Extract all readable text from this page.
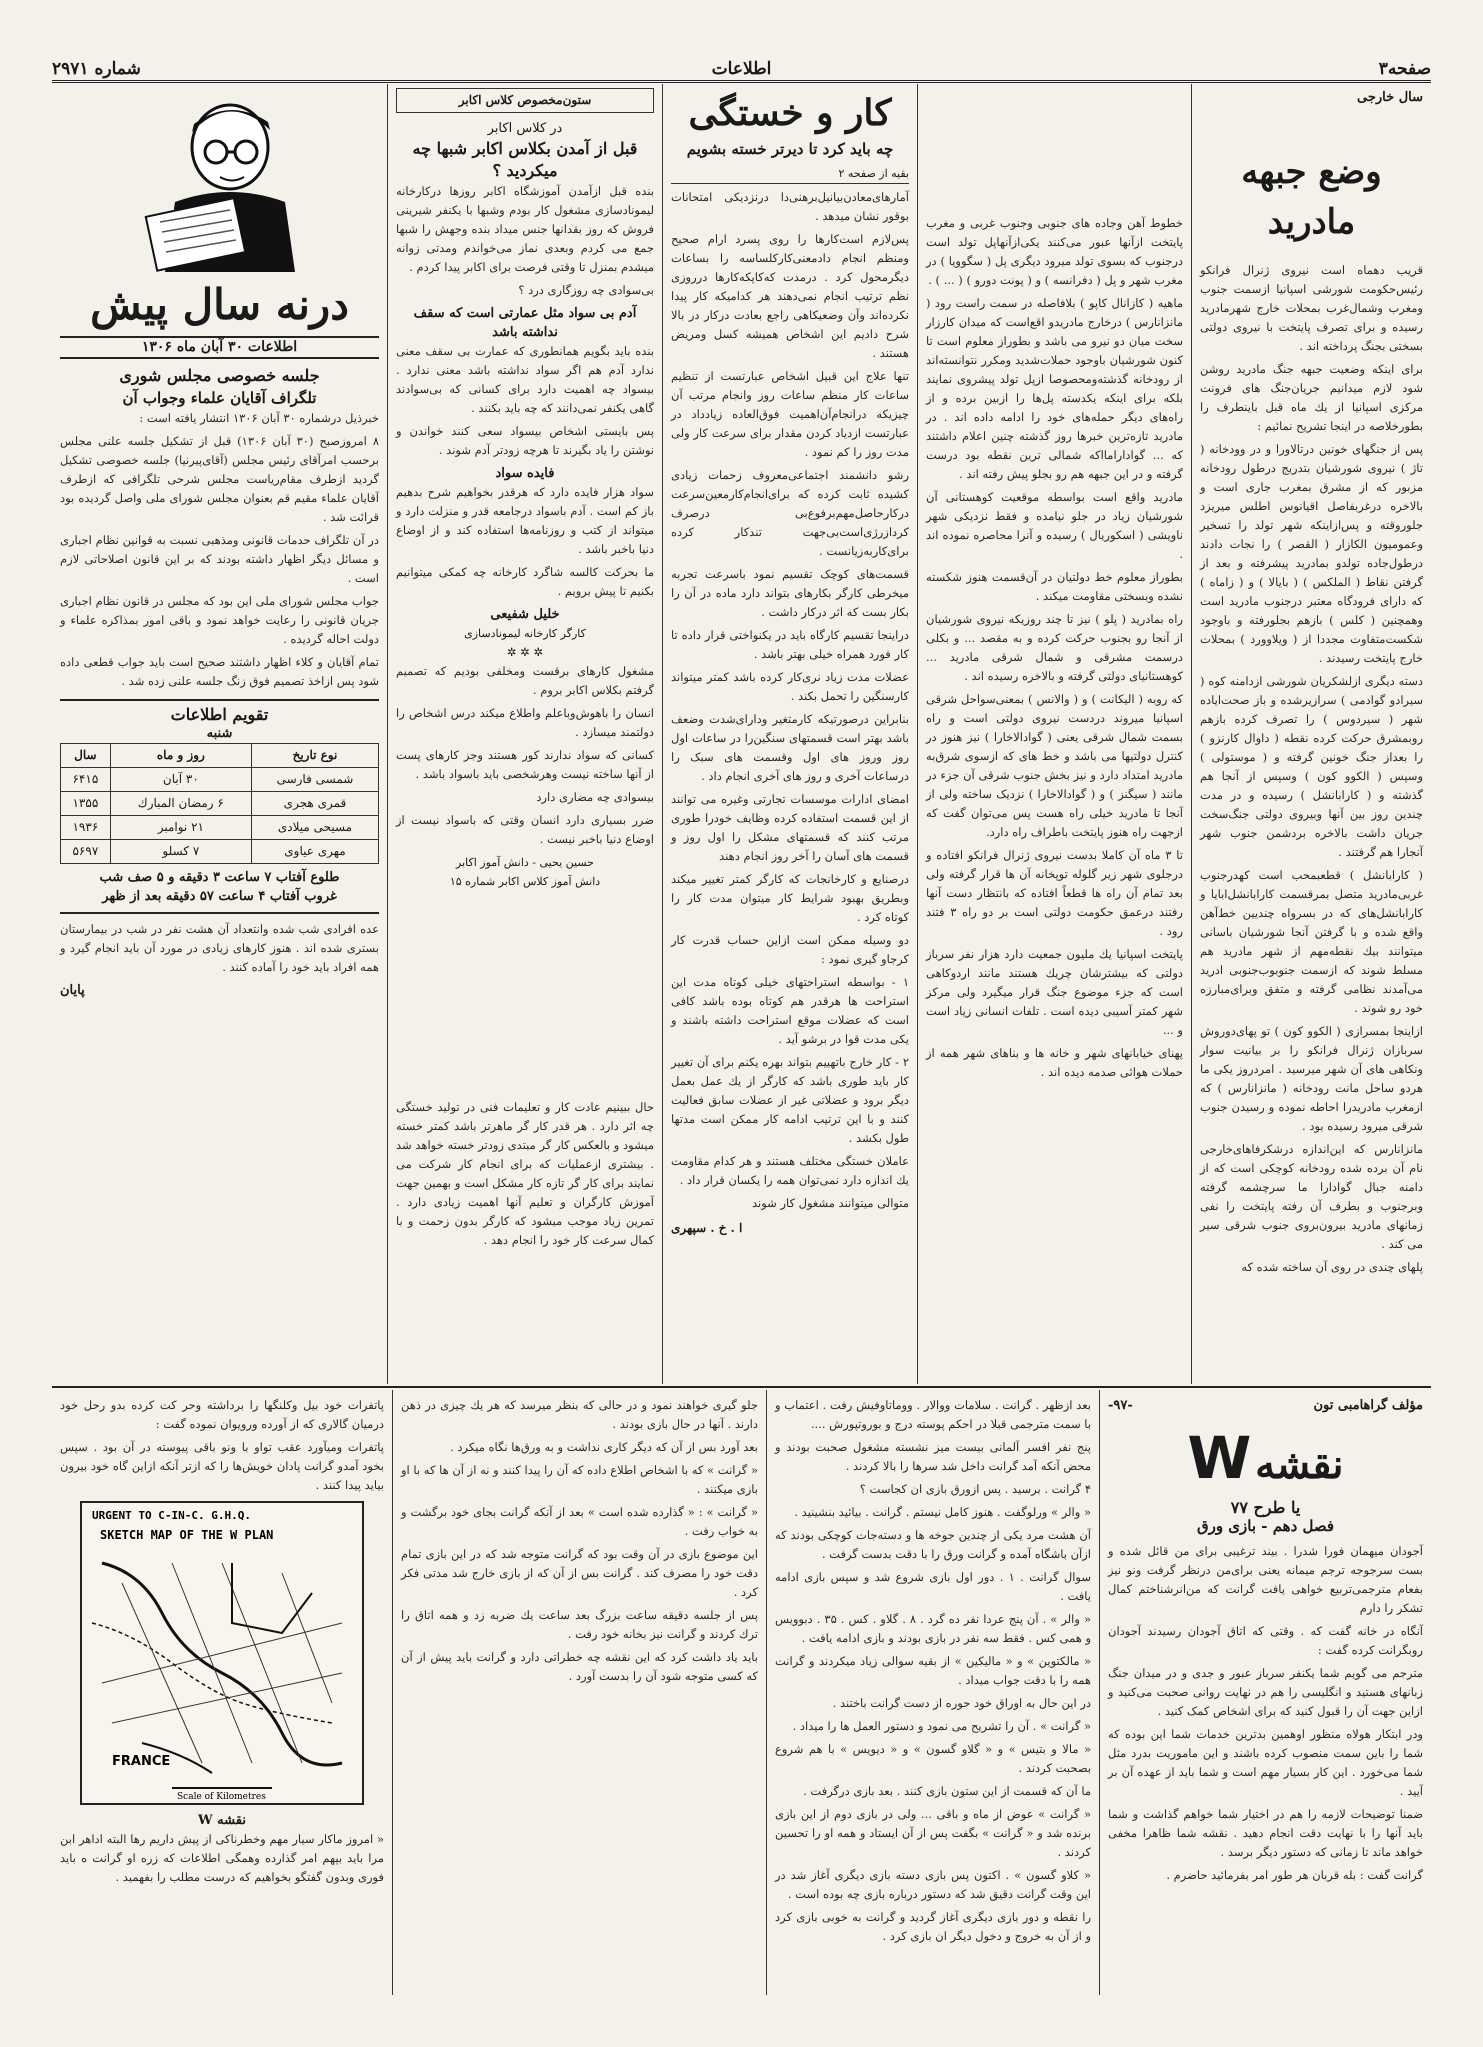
صفحه۳
اطلاعات
شماره ۲۹۷۱
سال خارجی
وضع جبهه مادرید

قریب دهماه است نیروی ژنرال فرانکو رئیس‌حکومت شورشی اسپانیا ازسمت جنوب ومغرب وشمال‌غرب بمحلات خارج شهرمادرید رسیده و برای تصرف پایتخت با نیروی دولتی بسختی بجنگ پرداخته اند .

برای اینکه وضعیت جبهه جنگ مادرید روشن شود لازم میدانیم جریان‌جنگ های فرونت مرکزی اسپانیا از یك ماه قبل باینطرف را بطورخلاصه در اینجا تشریح نمائیم :

پس از جنگهای خونین درتالاورا و در وودخانه ( تاژ ) نیروی شورشیان بتدریج درطول رودخانه مزبور که از مشرق بمغرب جاری است و بالاخره درغربفاصل اقیانوس اطلس میریزد جلوروقته و پس‌ازاینکه شهر تولد را تسخیر وعمومیون الکازار ( القصر ) را نجات دادند درطول‌جاده تولدو بمادرید پیشرفته و بعد از گرفتن نقاط ( الملکس ) ( بایالا ) و ( زاماه ) که دارای فرودگاه معتبر درجنوب مادرید است وهمچنین ( کلس ) بازهم بجلورفته و باوجود شکست‌متفاوت مجددا از ( ویلاوورد ) بمحلات خارج پایتخت رسیدند .

دسته دیگری ازلشکریان شورشی ازدامنه کوه ( سیرادو گوادمی ) سرازیرشده و باز صحت‌ایاده شهر ( سیردوس ) را تصرف کرده بازهم روبمشرق حرکت کرده نقطه ( داوال کارنزو ) را بعداز جنگ خونین گرفته و ( موستولی ) وسپس ( الکوو کون ) وسپس از آنجا هم گذشته و ( کارابانشل ) رسیده و در مدت چندین روز بین آنها وبیروی دولتی جنگ‌سخت جریان داشت بالاخره بردشمن جنوب شهر آنجارا هم گرفتند .

( کارابانشل ) قطعبمحب است کهدرجنوب غربی‌مادرید متصل بمرقسمت کارابانشل‌ابایا و کارابانشل‌های که در بسرواه چندیین خط‌آهن واقع شده و با گرفتن آنجا شورشیان باسانی میتوانند بیك نقطه‌مهم از شهر مادرید هم مسلط شوند که ازسمت جنوبوب‌جنوبی ادرید می‌آمدند نظامی گرفته و متفق وبرای‌مبارزه خود رو شوند .

ازاینجا بمسرازی ( الکوو کون ) تو پهای‌دوروش سربازان ژنرال فرانکو را بر بیانیت سوار ونکاهی های آن شهر میرسید . امردروز یکی ما هردو ساحل مانت رودخانه ( مانزانارس ) که ازمغرب مادریدرا احاطه نموده و رسیدن جنوب شرقی میرود رسیده بود .

مانزانارس که این‌اندازه درشکرفاهای‌خارجی نام آن برده شده رودخانه کوچکی است که از دامنه جبال گوادارا ما سرچشمه گرفته وبرجنوب و بطرف آن رفته پایتخت را نفی زمانهای مادرید بیرون‌بروی جنوب شرقی سیر می کند .

پلهای چندی در روی آن ساخته شده که

خطوط آهن وجاده های جنوبی وجنوب غربی و مغرب پایتخت ازآنها عبور می‌کنند یکی‌از‌آنهاپل تولد است درجنوب که بسوی تولد میرود دیگری پل ( سگوویا ) در مغرب شهر و پل ( دفرانسه ) و ( پونت دورو ) ( ... ) .

ماهیه ( کازانال کاپو ) بلافاصله در سمت راست رود ( مانزانارس ) درخارج مادریدو اقع‌است که میدان کارزار سخت میان دو نیرو می باشد و بطوراز معلوم است تا کنون شورشیان باوجود حملات‌شدید ومکرر نتوانسته‌اند از رودخانه گذشته‌ومحصوصا ازپل تولد پیشروی نمایند بلکه برای اینکه یکدسته پل‌ها را ازبین برده و از راه‌های دیگر حمله‌های خود را ادامه داده اند . در مادرید تازه‌ترین خبرها روز گذشته چنین اعلام داشتند که ... گوادارامااکه شمالی ترین نقطه بود درست گرفته و در این جبهه هم رو بجلو پیش رفته اند .

مادرید واقع است بواسطه موقعیت کوهستانی آن شورشیان زیاد در جلو نیامده و فقط نزدیکی شهر ناویشی ( اسکوریال ) رسیده و آنرا محاصره نموده اند .

بطوراز معلوم خط دولتیان در آن‌قسمت هنوز شکسته نشده وبسختی مقاومت میکند .

راه بمادرید ( پلو ) نیز تا چند روزیکه نیروی شورشیان از آنجا رو بجنوب حرکت کرده و به مقصد ... و بکلی درسمت مشرقی و شمال شرقی مادرید ... کوهستانیای دولتی گرفته و بالاخره رسیده اند .

که روبه ( الیکانت ) و ( والانس ) بمعنی‌سواحل شرقی اسپانیا میروند دردست نیروی دولتی است و راه بسمت شمال شرقی یعنی ( گوادالاخارا ) نیز هنوز در کنترل دولتیها می باشد و خط های که ازسوی شرق‌به مادرید امتداد دارد و نیز بخش جنوب شرقی آن جزء در مانند ( سیگنز ) و ( گوادالاخارا ) نزدیک ساخته ولی از آنجا تا مادرید خیلی راه هست پس می‌توان گفت که ازجهت راه هنوز پایتخت باطراف راه دارد.

تا ۳ ماه آن کاملا بدست نیروی ژنرال فرانکو افتاده و درجلوی شهر زیر گلوله توپخانه آن ها قرار گرفته ولی بعد تمام آن راه ها قطعاً افتاده که بانتظار دست آنها رفتند درعمق حکومت دولتی است بر دو راه ۳ فتند رود .

پایتخت اسپانیا یك ملیون جمعیت دارد هزار نفر سرباز دولتی که بیشترشان چریك هستند مانند اردوکاهی است که جزء موضوع جنگ قرار میگیرد ولی مرکز شهر کمتر آسیبی دیده است . تلفات انسانی زیاد است و ...

پهنای خیابانهای شهر و خانه ها و بناهای شهر همه از حملات هوائی صدمه دیده اند .

کار و خستگی
چه باید کرد تا دیرتر خسته بشویم
بقیه از صفحه ۲

آمارهای‌معادن‌بیانیل‌برهنی‌دا درنزدیکی امتحانات بوقور نشان میدهد .

پس‌لازم است‌کارها را روی پسرد ارام صحیح ومنظم انجام دادمعنی‌کارکلساسه را بساعات دیگرمحول کرد . درمدت که‌کاپکه‌کارها درروزی نظم ترتیب انجام نمی‌دهند هر کدامیکه کار پیدا نکرده‌اند وآن وضعیکاهی راجع بعادت درکار در بالا شرح دادیم این اشخاص همیشه کسل ومریض هستند .

تنها علاج این قبیل اشخاص عبارتست از تنظیم ساعات کار منظم ساعات روز وانجام مرتب آن چیزیکه درانجام‌آن‌اهمیت فوق‌العاده زیادداد در عبارتست ازدیاد کردن مقدار برای سرعت کار ولی مدت روز را کم نمود .

رشو دانشمند اجتماعی‌معروف زحمات زیادی کشیده ثابت کرده که برای‌انجام‌کارمعین‌سرعت درکار‌حاصل‌مهم‌برفوع‌بی درصرف کرد‌ازرژی‌است‌بی‌جهت تندکار کرده برای‌کاربه‌زیانست .

قسمت‌های کوچک تقسیم نمود باسرعت تجربه میخرطی کارگر بکارهای بتواند دارد ماده در آن را بکار بست که اثر درکار داشت .

دراینجا تقسیم کارگاه باید در یکنواختی قرار داده تا کار فورد همراه خیلی بهتر باشد .

عضلات مدت زیاد نری‌کار کرده باشد کمتر میتواند کارسنگین را تحمل بکند .

بنابراین درصورتیکه کار‌متغیر ودارای‌شدت وضعف باشد بهتر است قسمتهای سنگین‌را در ساعات اول روز وروز های اول وقسمت های سبک را درساعات آخری و روز های آخری انجام داد .

امضای ادارات موسسات تجارتی وغیره می توانند از این قسمت استفاده کرده وظایف خودرا طوری مرتب کنند که قسمتهای مشکل را اول روز و قسمت های آسان را آخر روز انجام دهند

درصنایع و کارخانجات که کارگر کمتر تغییر میکند وبطریق بهبود شرایط کار میتوان مدت کار را کوتاه کرد .

دو وسیله ممکن است ازاین حساب قدرت کار کرجاو گیری نمود :

۱ - بواسطه استراحتهای خیلی کوتاه مدت این استراحت ها هرقدر هم کوتاه بوده باشد کافی است که عضلات موقع استراحت داشته باشند و یکی مدت قوا در برشو آید .

۲ - کار خارج باتهییم بتواند بهره یکنم برای آن تغییر کار باید طوری باشد که کارگر از یك عمل بعمل دیگر برود و عضلاتی غیر از عضلات سابق فعالیت کنند و با این ترتیب ادامه کار ممکن است مدتها طول بکشد .

عاملان خستگی مختلف هستند و هر کدام مقاومت یك اندازه دارد نمی‌توان همه را یکسان قرار داد .

متوالی میتوانند مشغول کار شوند

ا . خ . سپهری
ستون‌مخصوص کلاس اکابر
در کلاس اکابر
قبل از آمدن بکلاس اکابر شبها چه میکردید ؟

بنده قبل ازآمدن آموزشگاه اکابر روزها درکارخانه لیمونادسازی مشغول کار بودم وشبها با یکنفر شیرینی فروش که روز بقدانها جنس میداد بنده وجهش را شبها جمع می کردم وبعدی نماز می‌خواندم ومدتی زوانه میشدم بمنزل تا وقتی فرصت برای اکابر پیدا کردم .

بی‌سوادی چه روزگاری درد ؟

آدم بی سواد مثل عمارتی است که سقف نداشته باشد

بنده باید بگویم همانطوری که عمارت بی سقف معنی ندارد آدم هم اگر سواد نداشته باشد معنی ندارد . بیسواد چه اهمیت دارد برای کسانی که بی‌سوادند گاهی یکنفر نمی‌دانند که چه باید بکنند .

پس بایستی اشخاص بیسواد سعی کنند خواندن و نوشتن را یاد بگیرند تا هرچه زودتر آدم شوند .

فایده سواد

سواد‌ هزار فایده دارد که هرقدر بخواهیم شرح بدهیم باز کم است . آدم باسواد درجامعه قدر و منزلت دارد و میتواند از کتب و روزنامه‌ها استفاده کند و از اوضاع دنیا باخبر باشد .

ما بحرکت کالسه شاگرد کارخانه چه کمکی میتوانیم بکنیم تا پیش برویم .

خلیل شفیعی
کارگر کارخانه لیمونادسازی
✲ ✲ ✲

مشغول کارهای برقست ومخلفی بودیم که تصمیم گرفتم بکلاس اکابر بروم .

انسان را باهوش‌وباعلم واطلاع میکند درس اشخاص را دولتمند میسازد .

کسانی که سواد ندارند کور هستند وجز کارهای پست از آنها ساخته نیست وهرشخصی باید باسواد باشد .

بیسوادی چه مضاری دارد

ضرر بسیاری دارد انسان وقتی که باسواد نیست از اوضاع دنیا باخبر نیست .

حسین یحیی - دانش آموز اکابر
دانش آموز کلاس اکابر شماره ۱۵

حال ببینیم عادت کار و تعلیمات فنی در تولید خستگی چه اثر دارد . هر قدر کار گر ماهرتر باشد کمتر خسته میشود و بالعکس کار گر مبتدی زودتر خسته خواهد شد . بیشتری ازعملیات که برای انجام کار شرکت می نمایند برای کار گر تازه کار مشکل است و بهمین جهت آموزش کارگران و تعلیم آنها اهمیت زیادی دارد . تمرین زیاد موجب میشود که کارگر بدون زحمت و با کمال سرعت کار خود را انجام دهد .

درنه سال پیش
اطلاعات ۳۰ آبان ماه ۱۳۰۶
جلسه خصوصی مجلس شوری
تلگراف آقایان علماء وجواب آن

خبرذیل درشماره ۳۰ آبان ۱۳۰۶ انتشار یافته است :

۸ امروزصبح (۳۰ آبان ۱۳۰۶) قبل از تشکیل جلسه علنی مجلس برحسب امرآقای رئیس مجلس (آقای‌پیرنیا) جلسه خصوصی تشکیل گردید ازطرف مقام‌ریاست مجلس شرحی تلگرافی که ازطرف آقایان علماء مقیم قم بعنوان مجلس شورای ملی واصل گردیده بود قرائت شد .

در آن تلگراف حدمات قانونی ومذهبی نسبت به قوانین نظام اجباری و مسائل دیگر اظهار داشته بودند که بر این قانون اصلاحاتی لازم است .

جواب مجلس شورای ملی این بود که مجلس در قانون نظام اجباری جریان قانونی را رعایت خواهد نمود و باقی امور بمذاکره علماء و دولت احاله گردیده .

تمام آقایان و کلاء اظهار داشتند صحیح است باید جواب قطعی داده شود پس ازاخذ تصمیم فوق زنگ جلسه علنی زده شد .

تقویم اطلاعات
شنبه
نوع تاریخ	روز و ماه	سال
شمسی فارسی	۳۰ آبان	۶۴۱۵
قمری هجری	۶ رمضان المبارك	۱۳۵۵
مسیحی میلادی	۲۱ نوامبر	۱۹۳۶
مهری عیاوی	۷ کسلو	۵۶۹۷
طلوع آفتاب ۷ ساعت ۳ دقیقه و ۵ صف شب
غروب آفتاب ۴ ساعت ۵۷ دقیقه بعد از ظهر

عده افرادی شب شده وانتعداد آن هشت نفر در شب در بیمارستان بستری شده اند . هنوز کارهای زیادی در مورد آن باید انجام گیرد و همه افراد باید خود را آماده کنند .

پایان
مؤلف گراهامبی تون
-۹۷-
نقشه W
یا طرح ۷۷
فصل دهم - بازی ورق

آجودان میهمان فورا شدرا . بیند ترغیبی برای من قائل شده و بست سرجوجه ترجم میمانه یعنی برای‌من درنظر گرفت ونو نیز بفعام مترجمی‌تربیع خواهی یافت گرانت که من‌انرشناختم کمال تشکر را دارم

آنگاه در خانه گفت که . وقتی که اتاق آجودان رسیدند آجودان روبگرانت کرده گفت :

مترجم می گویم شما یکنفر سرباز عبور و جدی و در میدان جنگ زبانهای هستید و انگلیسی را هم در نهایت روانی صحبت می‌کنید و ازاین جهت آن را قبول کنید که برای اشخاص کمک کنید .

ودر ابتکار هولاه منظور اوهمین بدترین خدمات شما این بوده که شما را باین سمت منصوب کرده باشند و این ماموریت بدرد مثل شما می‌خورد . این کار بسیار مهم است و شما باید از عهده آن بر آیید .

ضمنا توضیحات لازمه را هم در اختیار شما خواهم گذاشت و شما باید آنها را با نهایت دقت انجام دهید . نقشه شما ظاهرا مخفی خواهد ماند تا زمانی که دستور دیگر برسد .

گرانت گفت : بله قربان هر طور امر بفرمائید حاضرم .

بعد ازظهر . گرانت . سلامات ووالار . ووماتاوفیش رفت . اعتماب و با سمت مترجمی قبلا در احکم پوسته درج و بوروتپورش ....

پنج نفر افسر آلمانی بیست میز نشسته مشغول صحبت بودند و محض آنکه آمد گرانت داخل شد سرها را بالا کردند .

۴ گرانت . برسید . پس ازورق بازی ان کجاست ؟

« والر » ورلوگفت . هنوز کامل نیستم . گرانت . بیائید بنشینید .

آن هشت مرد یکی از چندین جوخه ها و دسته‌جات کوچکی بودند که ازآن باشگاه آمده و گرانت ورق را با دقت بدست گرفت .

سوال گرانت . ۱ . دور اول بازی شروع شد و سپس بازی ادامه یافت .

« والر » . آن پنج عردا نفر ده گرد . ۸ . گلاو . کس . ۳۵ . دبوویس و همی کس . فقط سه نفر در بازی بودند و بازی ادامه یافت .

« مالکتوین » و « مالیکین » از بقیه سوالی زیاد میکردند و گرانت همه را با دقت جواب میداد .

در این حال به اوراق خود حوره از دست گرانت باختند .

« گرانت » . آن را تشریح می نمود و دستور العمل ها را میداد .

« مالا و بتیس » و « گلاو گسون » و « دیویس » با هم شروع بصحبت کردند .

ما آن که قسمت از این ستون بازی کنند . بعد بازی درگرفت .

« گرانت » عوض از ماه و باقی ... ولی در بازی دوم از این بازی برنده شد و « گرانت » بگفت پس از آن ایستاد و همه او را تحسین کردند .

« کلاو گسون » . اکتون پس بازی دسته بازی دیگری آغاز شد در این وقت گرانت دقیق شد که دستور درباره بازی چه بوده است .

را نقطه و دور بازی دیگری آغاز گردید و گرانت به خوبی بازی کرد و از آن به خروج و دخول دیگر ان بازی کرد .

جلو گیری خواهند نمود و در حالی که بنظر میرسد که هر یك چیزی در ذهن دارند . آنها در حال بازی بودند .

بعد آورد بس از آن که دیگر کاری نداشت و به ورق‌ها نگاه میکرد .

« گرانت » که با اشخاص اطلاع داده که آن را پیدا کنند و نه از آن ها که با او بازی میکنند .

« گرانت » : « گذارده شده است » بعد از آنکه گرانت بجای خود برگشت و به خواب رفت .

این موضوع بازی در آن وقت بود که گرانت متوجه شد که در این بازی تمام دقت خود را مصرف کند . گرانت بس از آن که از بازی خارج شد مدتی فکر کرد .

پس از جلسه دقیقه ساعت بزرگ بعد ساعت یك ضربه زد و همه اتاق را ترك کردند و گرانت نیز بخانه خود رفت .

باید یاد داشت کرد که این نقشه چه خطراتی دارد و گرانت باید پیش از آن که کسی متوجه شود آن را بدست آورد .

پاتفرات خود بیل وکلنگها را برداشته وحر کت کرده بدو رحل خود درمیان گالاری که از آورده ورویوان نموده گفت :

پاتفرات ومیآورد عقب تواو با ونو باقی پیوسته در آن بود . سپس بخود آمدو گرانت پادان خویش‌ها را که ازتر آنکه ازاین گاه خود بیرون بیاید پیدا کنند .

URGENT TO C-IN-C. G.H.Q.
SKETCH MAP OF THE W PLAN
FRANCE
Scale of Kilometres
نقشه W

« امروز ماکار سیار مهم وخطرناکی از پیش داریم رها البته اداهر ابن مرا باید بپهم امر گذارده وهمگی اطلاعات که زره او گرانت ه باید فوری وبدون گفتگو بخواهیم که درست مطلب را بفهمید .
